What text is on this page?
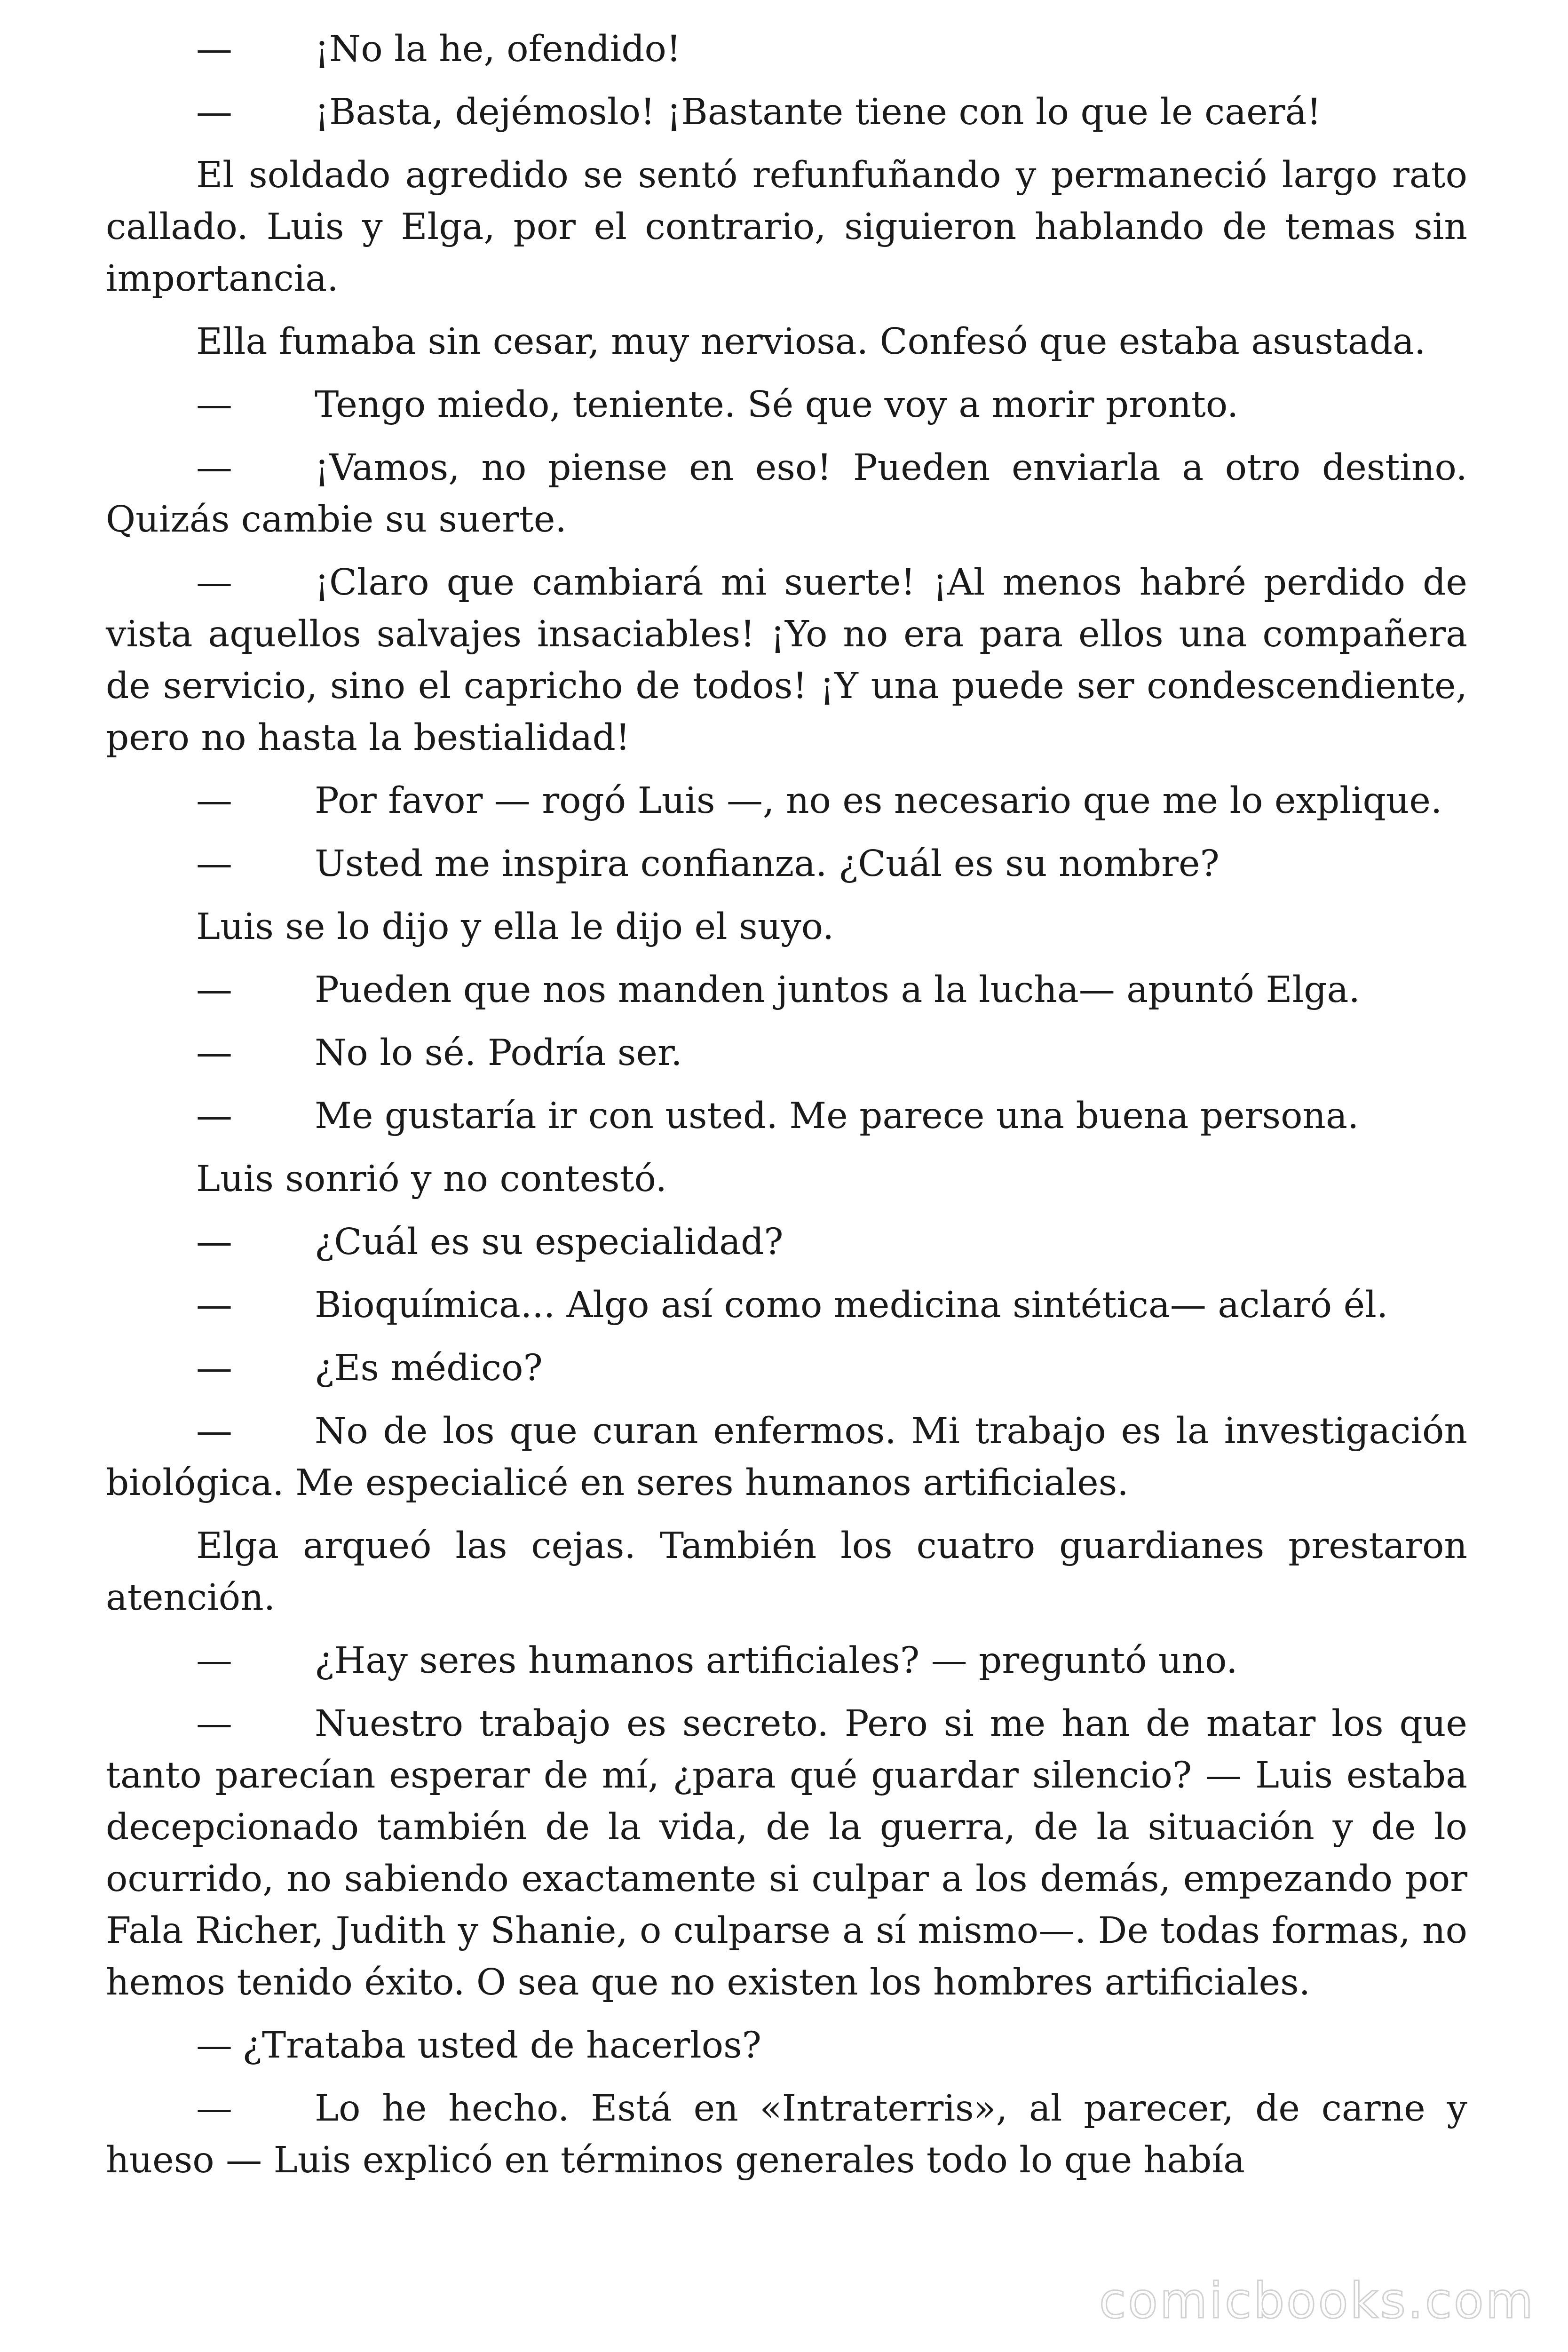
— ¡No la he, ofendido!

— ¡Basta, dejémoslo! ¡Bastante tiene con lo que le caerá!

El soldado agredido se sentó refunfuñando y permaneció largo rato callado. Luis y Elga, por el contrario, siguieron hablando de temas sin importancia.

Ella fumaba sin cesar, muy nerviosa. Confesó que estaba asustada.

— Tengo miedo, teniente. Sé que voy a morir pronto.

— ¡Vamos, no piense en eso! Pueden enviarla a otro destino. Quizás cambie su suerte.

— ¡Claro que cambiará mi suerte! ¡Al menos habré perdido de vista aquellos salvajes insaciables! ¡Yo no era para ellos una compañera de servicio, sino el capricho de todos! ¡Y una puede ser condescendiente, pero no hasta la bestialidad!

— Por favor — rogó Luis —, no es necesario que me lo explique.

— Usted me inspira confianza. ¿Cuál es su nombre?

Luis se lo dijo y ella le dijo el suyo.

— Pueden que nos manden juntos a la lucha— apuntó Elga.

— No lo sé. Podría ser.

— Me gustaría ir con usted. Me parece una buena persona.

Luis sonrió y no contestó.

— ¿Cuál es su especialidad?

— Bioquímica... Algo así como medicina sintética— aclaró él.

— ¿Es médico?

— No de los que curan enfermos. Mi trabajo es la investigación biológica. Me especialicé en seres humanos artificiales.

Elga arqueó las cejas. También los cuatro guardianes prestaron atención.

— ¿Hay seres humanos artificiales? — preguntó uno.

— Nuestro trabajo es secreto. Pero si me han de matar los que tanto parecían esperar de mí, ¿para qué guardar silencio? — Luis estaba decepcionado también de la vida, de la guerra, de la situación y de lo ocurrido, no sabiendo exactamente si culpar a los demás, empezando por Fala Richer, Judith y Shanie, o culparse a sí mismo—. De todas formas, no hemos tenido éxito. O sea que no existen los hombres artificiales.

— ¿Trataba usted de hacerlos?

— Lo he hecho. Está en «Intraterris», al parecer, de carne y hueso — Luis explicó en términos generales todo lo que había

comicbooks.com
